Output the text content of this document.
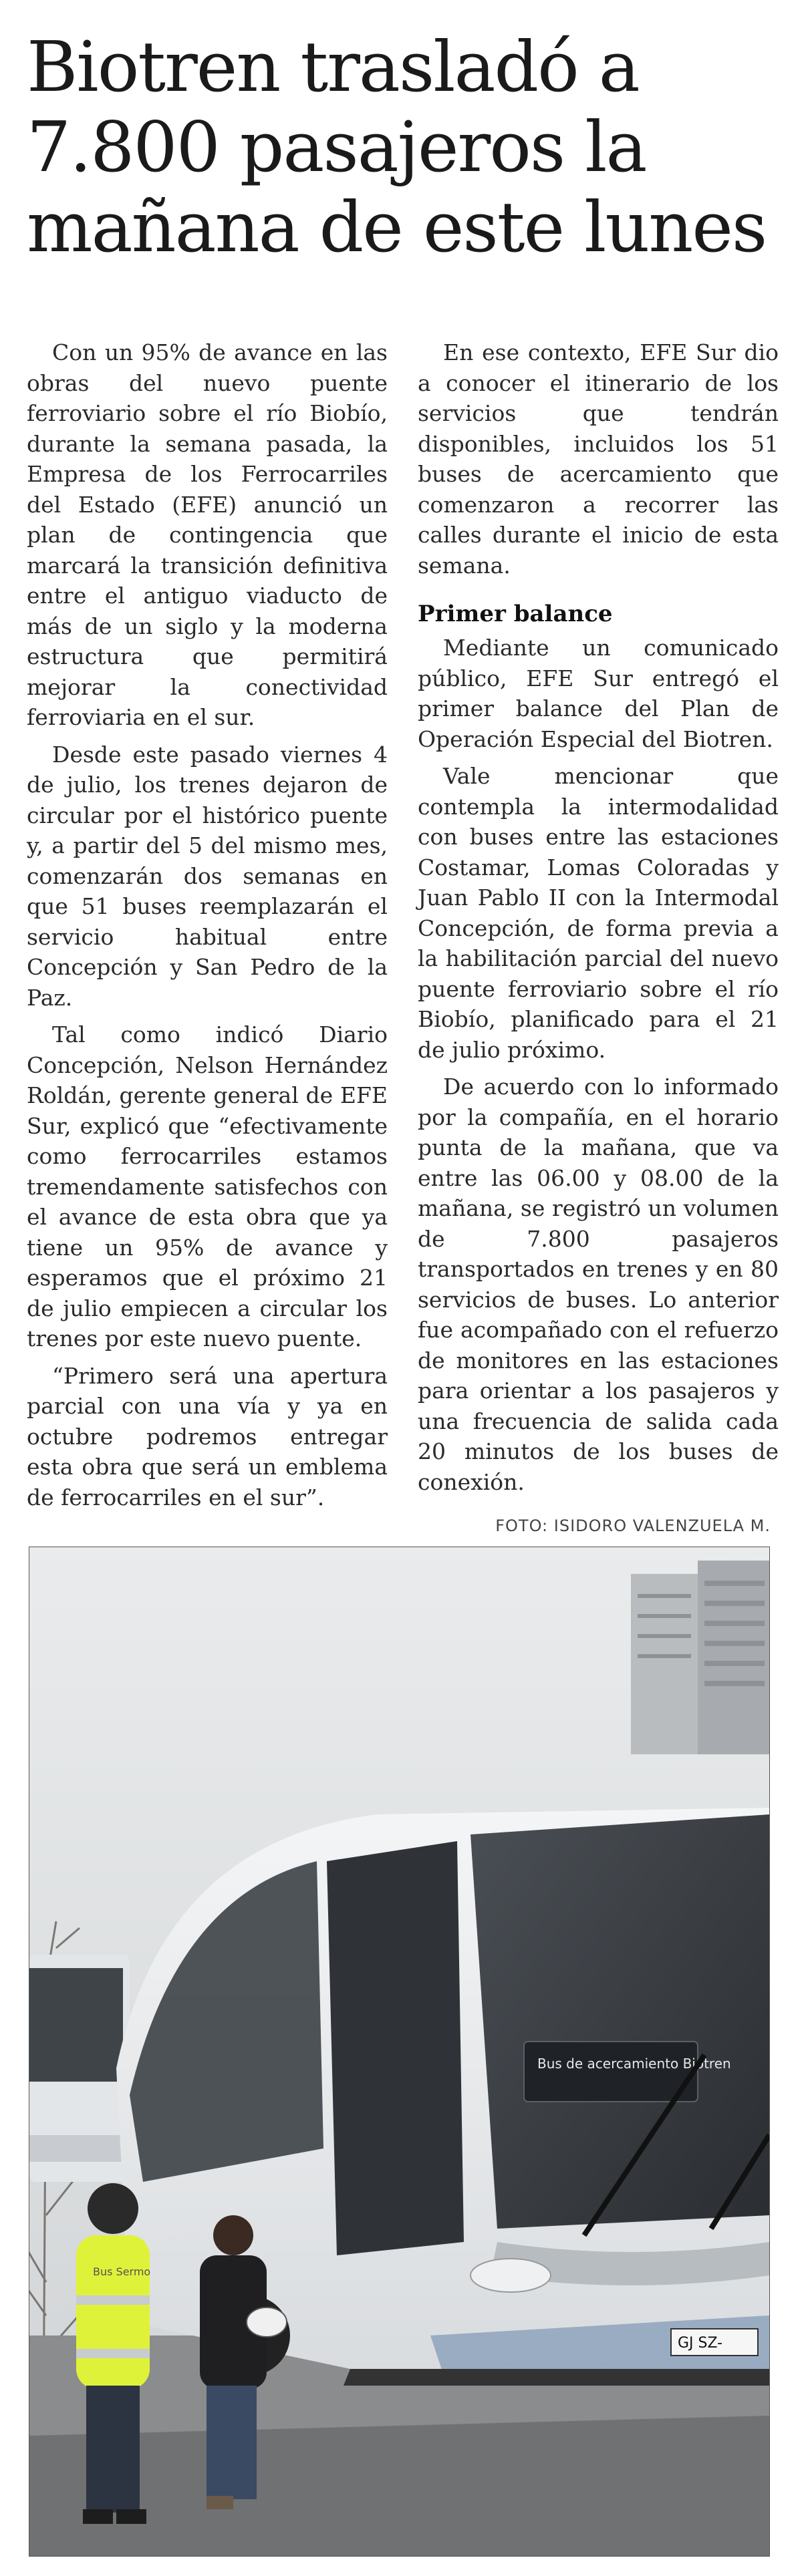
Biotren trasladó a 7.800 pasajeros la mañana de este lunes

Con un 95% de avance en las obras del nuevo puente ferroviario sobre el río Biobío, durante la semana pasada, la Empresa de los Ferrocarriles del Estado (EFE) anunció un plan de contingencia que marcará la transición definitiva entre el antiguo viaducto de más de un siglo y la moderna estructura que permitirá mejorar la conectividad ferroviaria en el sur.

Desde este pasado viernes 4 de julio, los trenes dejaron de circular por el histórico puente y, a partir del 5 del mismo mes, comenzarán dos semanas en que 51 buses reemplazarán el servicio habitual entre Concepción y San Pedro de la Paz.

Tal como indicó Diario Concepción, Nelson Hernández Roldán, gerente general de EFE Sur, explicó que “efectivamente como ferrocarriles estamos tremendamente satisfechos con el avance de esta obra que ya tiene un 95% de avance y esperamos que el próximo 21 de julio empiecen a circular los trenes por este nuevo puente.

“Primero será una apertura parcial con una vía y ya en octubre podremos entregar esta obra que será un emblema de ferrocarriles en el sur”.

En ese contexto, EFE Sur dio a conocer el itinerario de los servicios que tendrán disponibles, incluidos los 51 buses de acercamiento que comenzaron a recorrer las calles durante el inicio de esta semana.

Primer balance

Mediante un comunicado público, EFE Sur entregó el primer balance del Plan de Operación Especial del Biotren.

Vale mencionar que contempla la intermodalidad con buses entre las estaciones Costamar, Lomas Coloradas y Juan Pablo II con la Intermodal Concepción, de forma previa a la habilitación parcial del nuevo puente ferroviario sobre el río Biobío, planificado para el 21 de julio próximo.

De acuerdo con lo informado por la compañía, en el horario punta de la mañana, que va entre las 06.00 y 08.00 de la mañana, se registró un volumen de 7.800 pasajeros transportados en trenes y en 80 servicios de buses. Lo anterior fue acompañado con el refuerzo de monitores en las estaciones para orientar a los pasajeros y una frecuencia de salida cada 20 minutos de los buses de conexión.

FOTO: ISIDORO VALENZUELA M.

Bus de acercamiento Biotren
GJ SZ-
Bus Sermo
